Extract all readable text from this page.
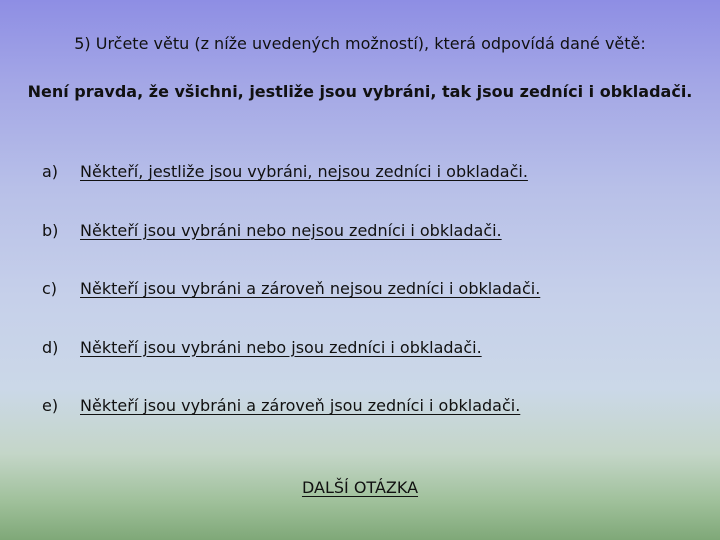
5) Určete větu (z níže uvedených možností), která odpovídá dané větě:
Není pravda, že všichni, jestliže jsou vybráni, tak jsou zedníci i obkladači.
a)	Někteří, jestliže jsou vybráni, nejsou zedníci i obkladači.
b)	Někteří jsou vybráni nebo nejsou zedníci i obkladači.
c)	Někteří jsou vybráni a zároveň nejsou zedníci i obkladači.
d)	Někteří jsou vybráni nebo jsou zedníci i obkladači.
e)	Někteří jsou vybráni a zároveň jsou zedníci i obkladači.
DALŠÍ OTÁZKA
